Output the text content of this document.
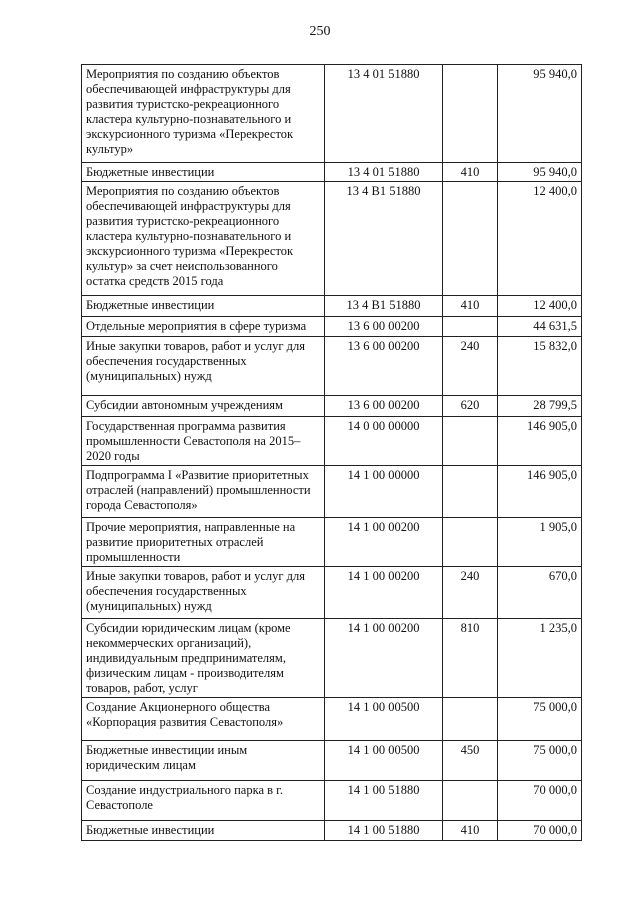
250
Мероприятия по созданию объектов обеспечивающей инфраструктуры для развития туристско-рекреационного кластера культурно-познавательного и экскурсионного туризма «Перекресток культур»	13 4 01 51880		95 940,0
Бюджетные инвестиции	13 4 01 51880	410	95 940,0
Мероприятия по созданию объектов обеспечивающей инфраструктуры для развития туристско-рекреационного кластера культурно-познавательного и экскурсионного туризма «Перекресток культур» за счет неиспользованного остатка средств 2015 года	13 4 В1 51880		12 400,0
Бюджетные инвестиции	13 4 В1 51880	410	12 400,0
Отдельные мероприятия в сфере туризма	13 6 00 00200		44 631,5
Иные закупки товаров, работ и услуг для обеспечения государственных (муниципальных) нужд	13 6 00 00200	240	15 832,0
Субсидии автономным учреждениям	13 6 00 00200	620	28 799,5
Государственная программа развития промышленности Севастополя на 2015–2020 годы	14 0 00 00000		146 905,0
Подпрограмма I «Развитие приоритетных отраслей (направлений) промышленности города Севастополя»	14 1 00 00000		146 905,0
Прочие мероприятия, направленные на развитие приоритетных отраслей промышленности	14 1 00 00200		1 905,0
Иные закупки товаров, работ и услуг для обеспечения государственных (муниципальных) нужд	14 1 00 00200	240	670,0
Субсидии юридическим лицам (кроме некоммерческих организаций), индивидуальным предпринимателям, физическим лицам - производителям товаров, работ, услуг	14 1 00 00200	810	1 235,0
Создание Акционерного общества «Корпорация развития Севастополя»	14 1 00 00500		75 000,0
Бюджетные инвестиции иным юридическим лицам	14 1 00 00500	450	75 000,0
Создание индустриального парка в г. Севастополе	14 1 00 51880		70 000,0
Бюджетные инвестиции	14 1 00 51880	410	70 000,0
